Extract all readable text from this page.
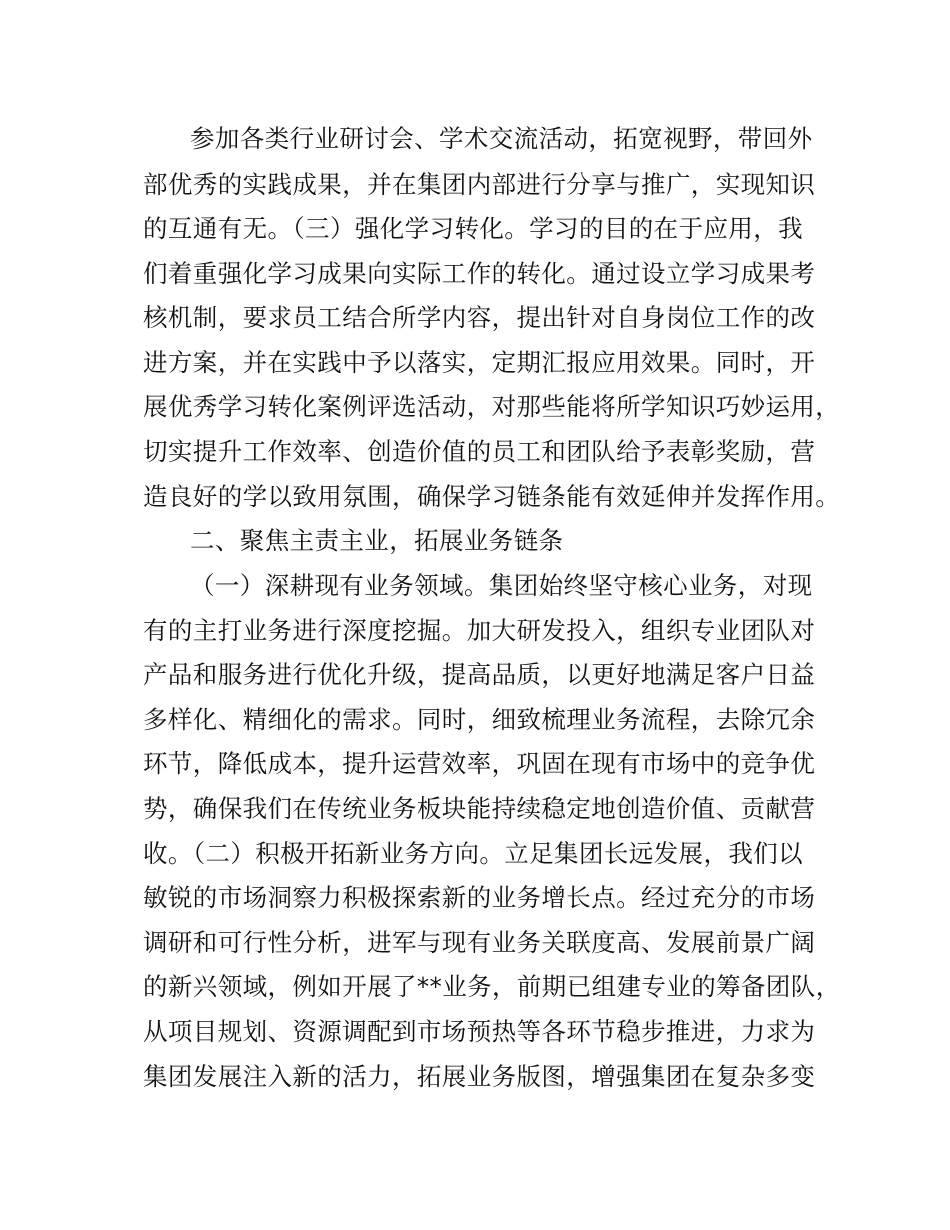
参加各类行业研讨会、学术交流活动，拓宽视野，带回外
部优秀的实践成果，并在集团内部进行分享与推广，实现知识
的互通有无。（三）强化学习转化。学习的目的在于应用，我
们着重强化学习成果向实际工作的转化。通过设立学习成果考
核机制，要求员工结合所学内容，提出针对自身岗位工作的改
进方案，并在实践中予以落实，定期汇报应用效果。同时，开
展优秀学习转化案例评选活动，对那些能将所学知识巧妙运用，
切实提升工作效率、创造价值的员工和团队给予表彰奖励，营
造良好的学以致用氛围，确保学习链条能有效延伸并发挥作用。
二、聚焦主责主业，拓展业务链条
（一）深耕现有业务领域。集团始终坚守核心业务，对现
有的主打业务进行深度挖掘。加大研发投入，组织专业团队对
产品和服务进行优化升级，提高品质，以更好地满足客户日益
多样化、精细化的需求。同时，细致梳理业务流程，去除冗余
环节，降低成本，提升运营效率，巩固在现有市场中的竞争优
势，确保我们在传统业务板块能持续稳定地创造价值、贡献营
收。（二）积极开拓新业务方向。立足集团长远发展，我们以
敏锐的市场洞察力积极探索新的业务增长点。经过充分的市场
调研和可行性分析，进军与现有业务关联度高、发展前景广阔
的新兴领域，例如开展了**业务，前期已组建专业的筹备团队，
从项目规划、资源调配到市场预热等各环节稳步推进，力求为
集团发展注入新的活力，拓展业务版图，增强集团在复杂多变
